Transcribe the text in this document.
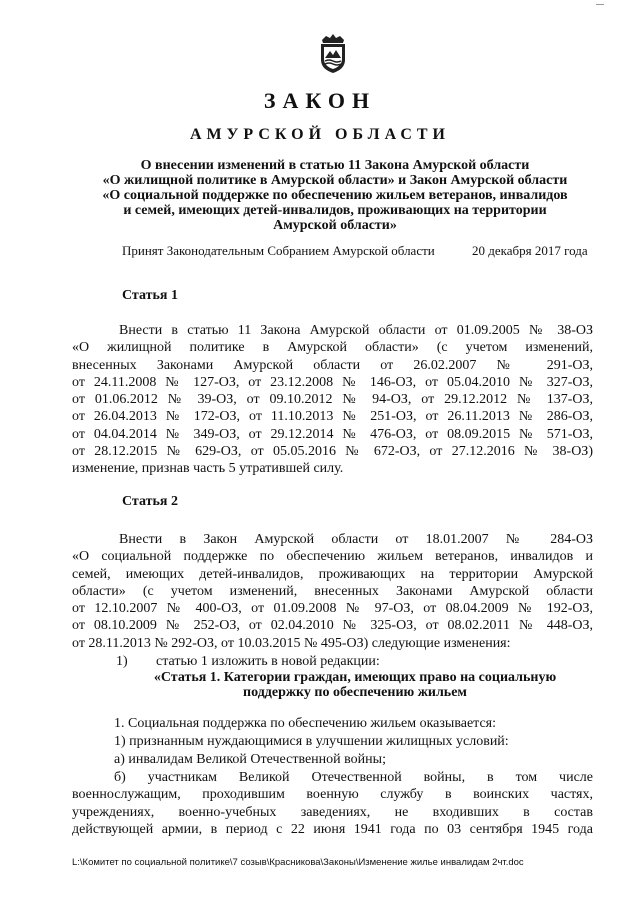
ЗАКОН
АМУРСКОЙ ОБЛАСТИ
О внесении изменений в статью 11 Закона Амурской области
«О жилищной политике в Амурской области» и Закон Амурской области
«О социальной поддержке по обеспечению жильем ветеранов, инвалидов
и семей, имеющих детей-инвалидов, проживающих на территории
Амурской области»
Принят Законодательным Собранием Амурской области	20 декабря 2017 года
Статья 1
Внести в статью 11 Закона Амурской области от 01.09.2005 № 38-ОЗ
«О жилищной политике в Амурской области» (с учетом изменений,
внесенных Законами Амурской области от 26.02.2007 № 291-ОЗ,
от 24.11.2008 № 127-ОЗ, от 23.12.2008 № 146-ОЗ, от 05.04.2010 № 327-ОЗ,
от 01.06.2012 № 39-ОЗ, от 09.10.2012 № 94-ОЗ, от 29.12.2012 № 137-ОЗ,
от 26.04.2013 № 172-ОЗ, от 11.10.2013 № 251-ОЗ, от 26.11.2013 № 286-ОЗ,
от 04.04.2014 № 349-ОЗ, от 29.12.2014 № 476-ОЗ, от 08.09.2015 № 571-ОЗ,
от 28.12.2015 № 629-ОЗ, от 05.05.2016 № 672-ОЗ, от 27.12.2016 № 38-ОЗ)
изменение, признав часть 5 утратившей силу.
Статья 2
Внести в Закон Амурской области от 18.01.2007 № 284-ОЗ
«О социальной поддержке по обеспечению жильем ветеранов, инвалидов и
семей, имеющих детей-инвалидов, проживающих на территории Амурской
области» (с учетом изменений, внесенных Законами Амурской области
от 12.10.2007 № 400-ОЗ, от 01.09.2008 № 97-ОЗ, от 08.04.2009 № 192-ОЗ,
от 08.10.2009 № 252-ОЗ, от 02.04.2010 № 325-ОЗ, от 08.02.2011 № 448-ОЗ,
от 28.11.2013 № 292-ОЗ, от 10.03.2015 № 495-ОЗ) следующие изменения:
1) статью 1 изложить в новой редакции:
«Статья 1. Категории граждан, имеющих право на социальную
поддержку по обеспечению жильем
1. Социальная поддержка по обеспечению жильем оказывается:
1) признанным нуждающимися в улучшении жилищных условий:
а) инвалидам Великой Отечественной войны;
б) участникам Великой Отечественной войны, в том числе
военнослужащим, проходившим военную службу в воинских частях,
учреждениях, военно-учебных заведениях, не входивших в состав
действующей армии, в период с 22 июня 1941 года по 03 сентября 1945 года
L:\Комитет по социальной политике\7 созыв\Красникова\Законы\Изменение жилье инвалидам 2чт.doc
